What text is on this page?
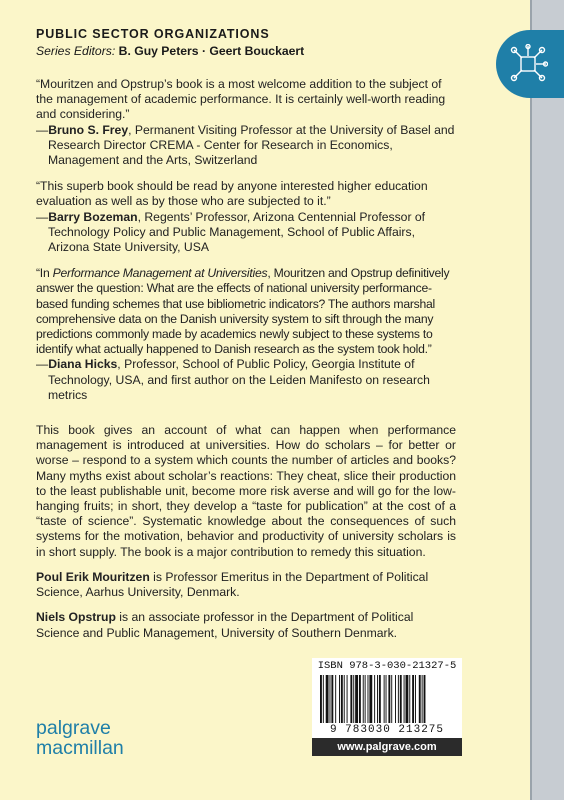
PUBLIC SECTOR ORGANIZATIONS
Series Editors: B. Guy Peters · Geert Bouckaert

“Mouritzen and Opstrup’s book is a most welcome addition to the subject of the management of academic performance. It is certainly well-worth reading and considering.”

—Bruno S. Frey, Permanent Visiting Professor at the University of Basel and Research Director CREMA - Center for Research in Economics, Management and the Arts, Switzerland

“This superb book should be read by anyone interested higher education evaluation as well as by those who are subjected to it.”

—Barry Bozeman, Regents’ Professor, Arizona Centennial Professor of Technology Policy and Public Management, School of Public Affairs, Arizona State University, USA

“In Performance Management at Universities, Mouritzen and Opstrup definitively answer the question: What are the effects of national university performance-based funding schemes that use bibliometric indicators? The authors marshal comprehensive data on the Danish university system to sift through the many predictions commonly made by academics newly subject to these systems to identify what actually happened to Danish research as the system took hold.”

—Diana Hicks, Professor, School of Public Policy, Georgia Institute of Technology, USA, and first author on the Leiden Manifesto on research metrics

This book gives an account of what can happen when performance management is introduced at universities. How do scholars – for better or worse – respond to a system which counts the number of articles and books? Many myths exist about scholar’s reactions: They cheat, slice their production to the least publishable unit, become more risk averse and will go for the low-hanging fruits; in short, they develop a “taste for publication” at the cost of a “taste of science”. Systematic knowledge about the consequences of such systems for the motivation, behavior and productivity of university scholars is in short supply. The book is a major contribution to remedy this situation.

Poul Erik Mouritzen is Professor Emeritus in the Department of Political Science, Aarhus University, Denmark.

Niels Opstrup is an associate professor in the Department of Political Science and Public Management, University of Southern Denmark.

ISBN 978-3-030-21327-5
9 783030 213275
www.palgrave.com
palgrave
macmillan
